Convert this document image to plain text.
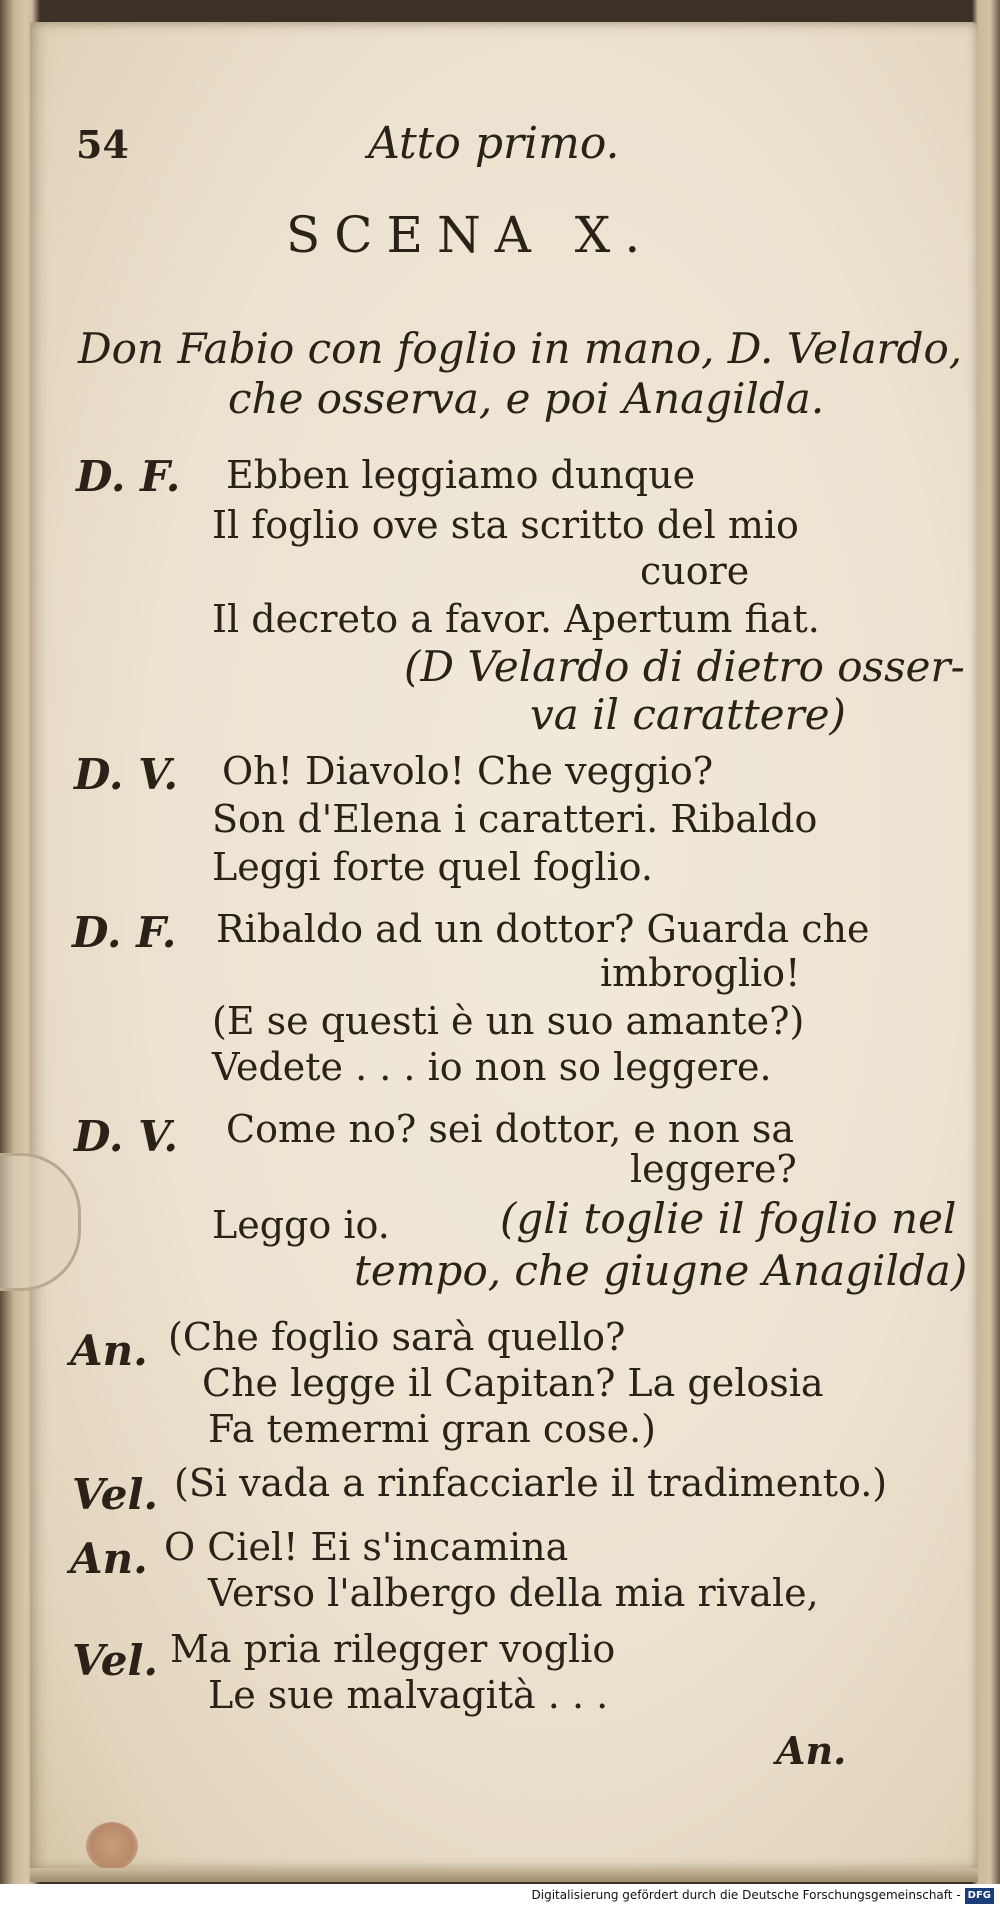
54	Atto primo.
SCENA X.
Don Fabio con foglio in mano, D. Velardo,
che osserva, e poi Anagilda.
D. F. Ebben leggiamo dunque
Il foglio ove sta scritto del mio
cuore
Il decreto a favor. Apertum fiat.
(D Velardo di dietro osser-
va il carattere)
D. V. Oh! Diavolo! Che veggio?
Son d'Elena i caratteri. Ribaldo
Leggi forte quel foglio.
D. F. Ribaldo ad un dottor? Guarda che
imbroglio!
(E se questi è un suo amante?)
Vedete . . . io non so leggere.
D. V. Come no? sei dottor, e non sa
leggere?
Leggo io.	(gli toglie il foglio nel
tempo, che giugne Anagilda)
An. (Che foglio sarà quello?
Che legge il Capitan? La gelosia
Fa temermi gran cose.)
Vel. (Si vada a rinfacciarle il tradimento.)
An. O Ciel! Ei s'incamina
Verso l'albergo della mia rivale,
Vel. Ma pria rilegger voglio
Le sue malvagità . . .
An.
Digitalisierung gefördert durch die Deutsche Forschungsgemeinschaft - DFG
